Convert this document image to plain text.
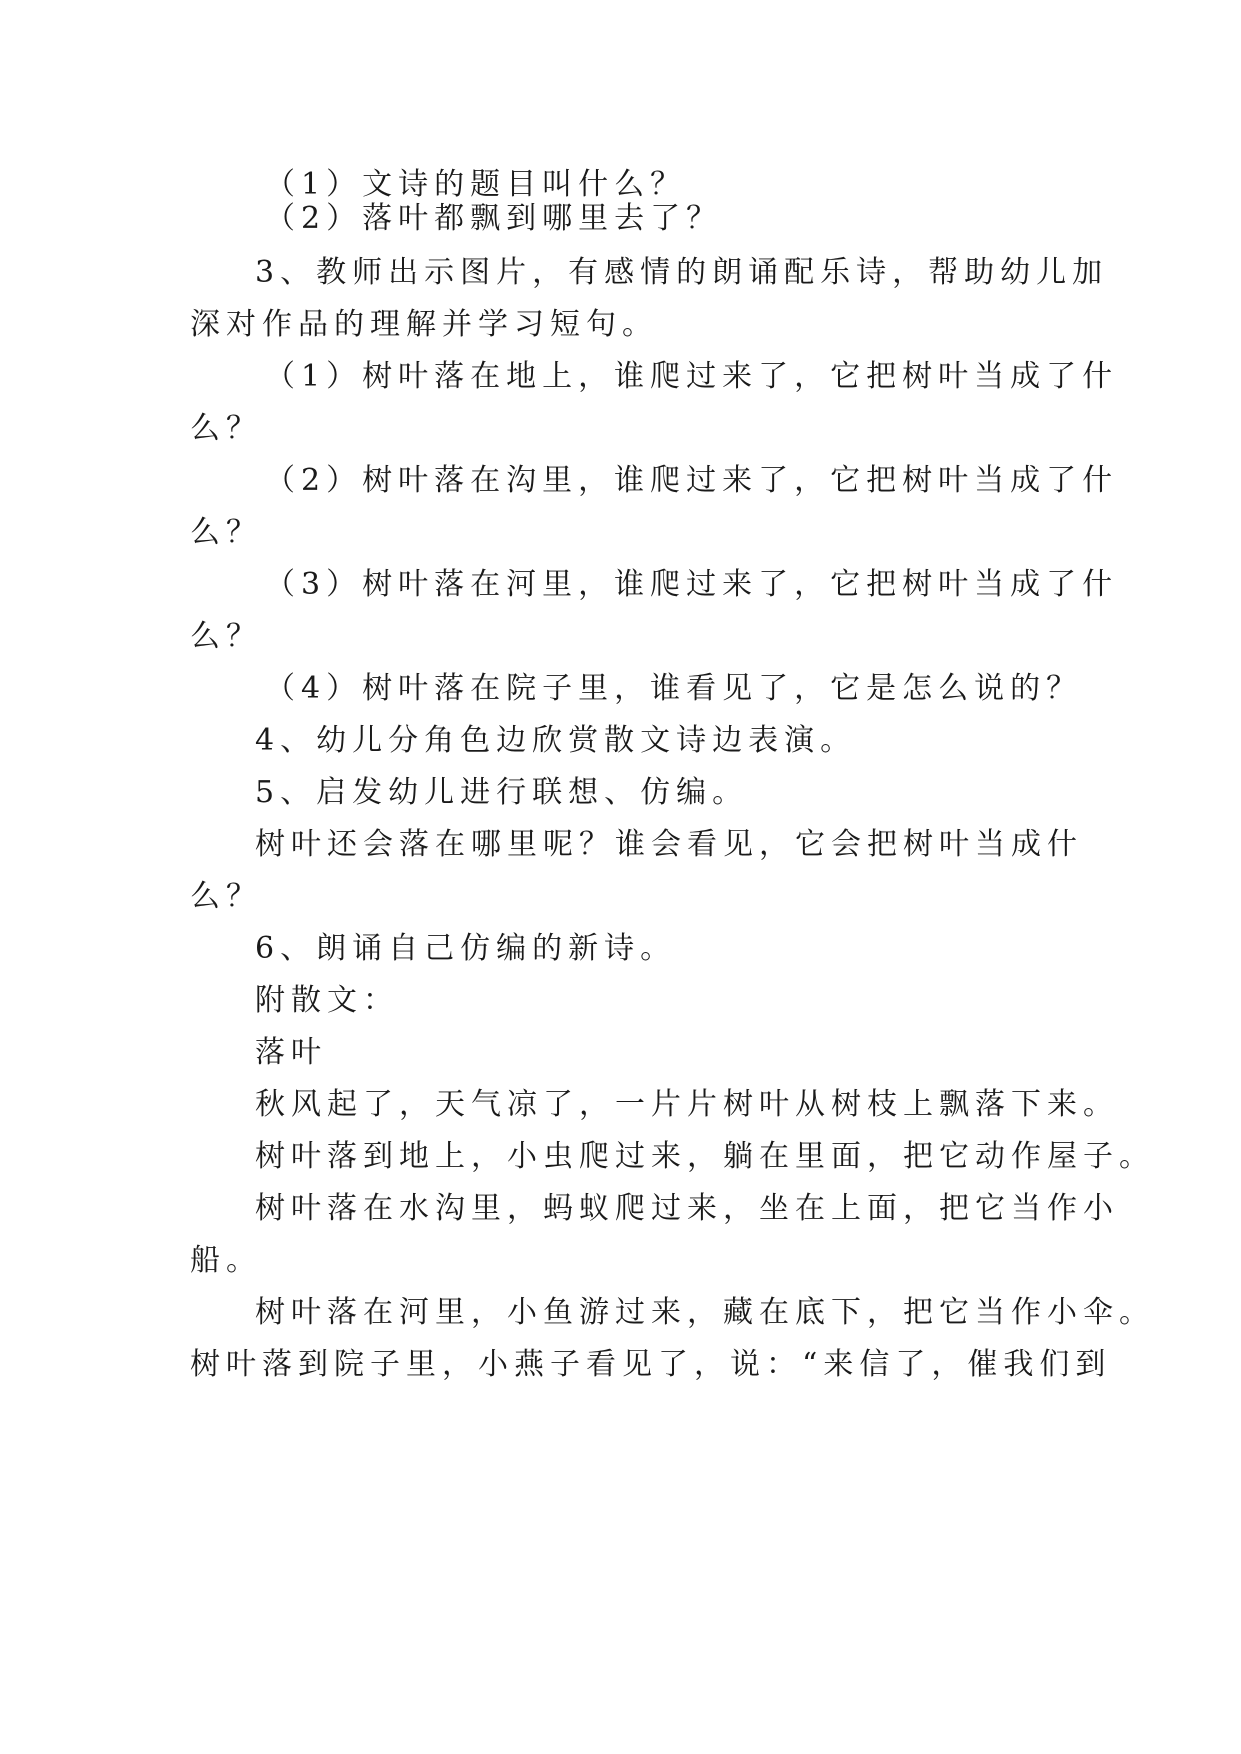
（1）文诗的题目叫什么？
（2）落叶都飘到哪里去了？
3、教师出示图片，有感情的朗诵配乐诗，帮助幼儿加
深对作品的理解并学习短句。
（1）树叶落在地上，谁爬过来了，它把树叶当成了什
么？
（2）树叶落在沟里，谁爬过来了，它把树叶当成了什
么？
（3）树叶落在河里，谁爬过来了，它把树叶当成了什
么？
（4）树叶落在院子里，谁看见了，它是怎么说的？
4、幼儿分角色边欣赏散文诗边表演。
5、启发幼儿进行联想、仿编。
树叶还会落在哪里呢？谁会看见，它会把树叶当成什
么？
6、朗诵自己仿编的新诗。
附散文：
落叶
秋风起了，天气凉了，一片片树叶从树枝上飘落下来。
树叶落到地上，小虫爬过来，躺在里面，把它动作屋子。
树叶落在水沟里，蚂蚁爬过来，坐在上面，把它当作小
船。
树叶落在河里，小鱼游过来，藏在底下，把它当作小伞。
树叶落到院子里，小燕子看见了，说：“来信了，催我们到
